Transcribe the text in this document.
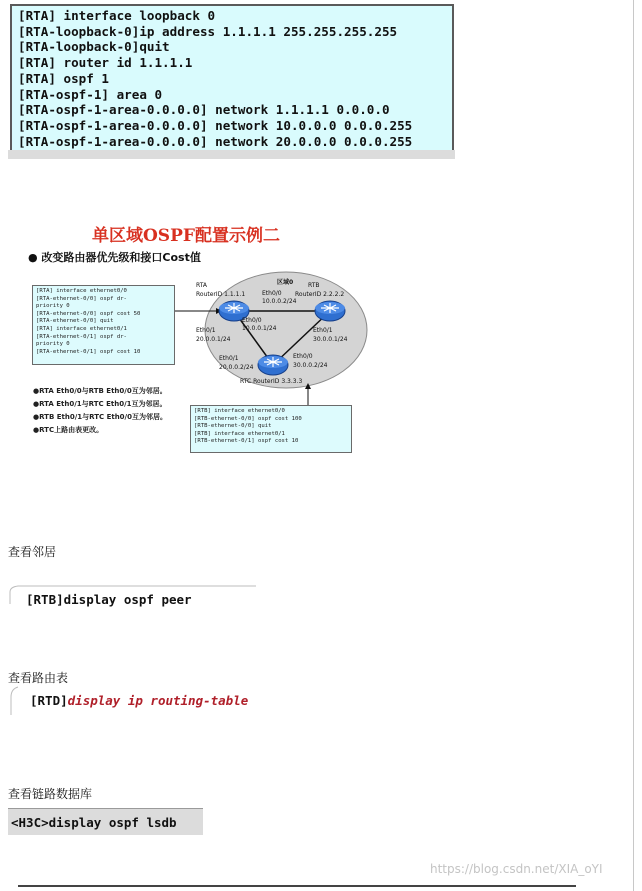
[RTA] interface loopback 0
[RTA-loopback-0]ip address 1.1.1.1 255.255.255.255
[RTA-loopback-0]quit
[RTA] router id 1.1.1.1
[RTA] ospf 1
[RTA-ospf-1] area 0
[RTA-ospf-1-area-0.0.0.0] network 1.1.1.1 0.0.0.0
[RTA-ospf-1-area-0.0.0.0] network 10.0.0.0 0.0.0.255
[RTA-ospf-1-area-0.0.0.0] network 20.0.0.0 0.0.0.255
单区域OSPF配置示例二
● 改变路由器优先级和接口Cost值
[RTA] interface ethernet0/0
[RTA-ethernet-0/0] ospf dr-
priority 0
[RTA-ethernet-0/0] ospf cost 50
[RTA-ethernet-0/0] quit
[RTA] interface ethernet0/1
[RTA-ethernet-0/1] ospf dr-
priority 0
[RTA-ethernet-0/1] ospf cost 10
区域0
RTA
RouterID 1.1.1.1
RTB
RouterID 2.2.2.2
Eth0/0
10.0.0.2/24
Eth0/0
10.0.0.1/24
Eth0/1
20.0.0.1/24
Eth0/1
30.0.0.1/24
Eth0/1
20.0.0.2/24
Eth0/0
30.0.0.2/24
RTC RouterID 3.3.3.3
●RTA Eth0/0与RTB Eth0/0互为邻居。
●RTA Eth0/1与RTC Eth0/1互为邻居。
●RTB Eth0/1与RTC Eth0/0互为邻居。
●RTC上路由表更改。
[RTB] interface ethernet0/0
[RTB-ethernet-0/0] ospf cost 100
[RTB-ethernet-0/0] quit
[RTB] interface ethernet0/1
[RTB-ethernet-0/1] ospf cost 10
查看邻居
[RTB]display ospf peer
查看路由表
[RTD]display ip routing-table
查看链路数据库
<H3C>display ospf lsdb
https://blog.csdn.net/XIA_oYI
